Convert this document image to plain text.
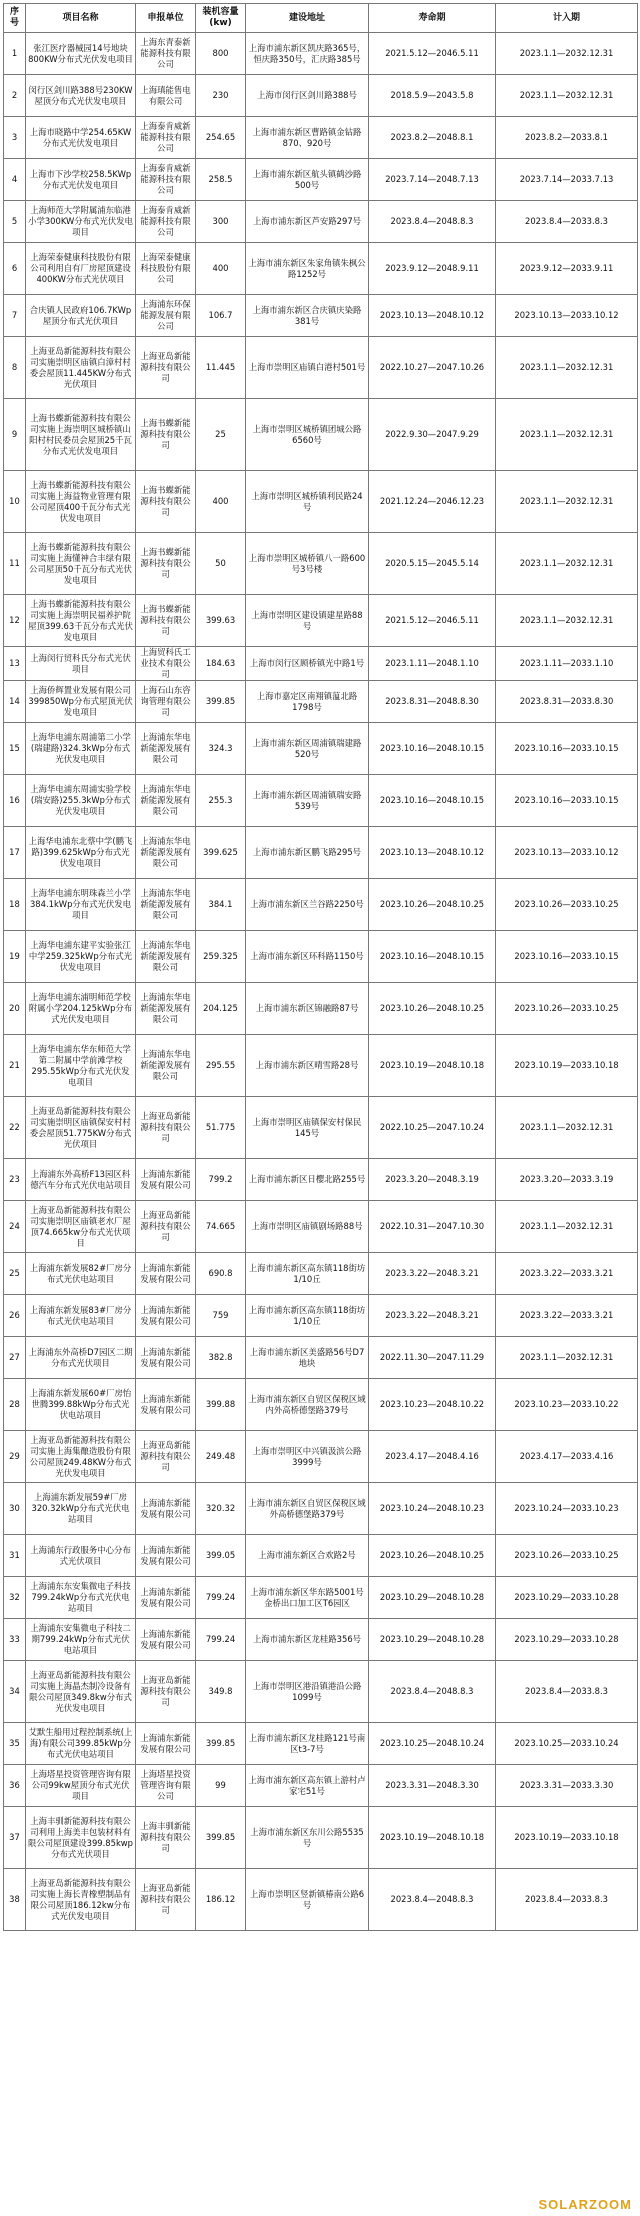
序号	项目名称	申报单位	装机容量(kw)	建设地址	寿命期	计入期
1	张江医疗器械园14号地块800KW分布式光伏发电项目	上海东青泰新能源科技有限公司	800	上海市浦东新区凯庆路365号，恒庆路350号，汇庆路385号	2021.5.12—2046.5.11	2023.1.1—2032.12.31
2	闵行区剑川路388号230KW屋顶分布式光伏发电项目	上海瑱能售电有限公司	230	上海市闵行区剑川路388号	2018.5.9—2043.5.8	2023.1.1—2032.12.31
3	上海市晓路中学254.65KW分布式光伏发电项目	上海泰肯威新能源科技有限公司	254.65	上海市浦东新区曹路镇金钻路870、920号	2023.8.2—2048.8.1	2023.8.2—2033.8.1
4	上海市下沙学校258.5KWp分布式光伏发电项目	上海泰肯威新能源科技有限公司	258.5	上海市浦东新区航头镇鹤沙路500号	2023.7.14—2048.7.13	2023.7.14—2033.7.13
5	上海师范大学附属浦东临港小学300KW分布式光伏发电项目	上海泰肯威新能源科技有限公司	300	上海市浦东新区芦安路297号	2023.8.4—2048.8.3	2023.8.4—2033.8.3
6	上海荣泰健康科技股份有限公司利用自有厂房屋顶建设400KW分布式光伏项目	上海荣泰健康科技股份有限公司	400	上海市浦东新区朱家角镇朱枫公路1252号	2023.9.12—2048.9.11	2023.9.12—2033.9.11
7	合庆镇人民政府106.7KWp屋顶分布式光伏项目	上海浦东环保能源发展有限公司	106.7	上海市浦东新区合庆镇庆染路381号	2023.10.13—2048.10.12	2023.10.13—2033.10.12
8	上海亚岛新能源科技有限公司实施崇明区庙镇白漳村村委会屋顶11.445KW分布式光伏项目	上海亚岛新能源科技有限公司	11.445	上海市崇明区庙镇白港村501号	2022.10.27—2047.10.26	2023.1.1—2032.12.31
9	上海书蝶新能源科技有限公司实施上海崇明区城桥镇山阳村村民委员会屋顶25千瓦分布式光伏发电项目	上海书蝶新能源科技有限公司	25	上海市崇明区城桥镇团城公路6560号	2022.9.30—2047.9.29	2023.1.1—2032.12.31
10	上海书蝶新能源科技有限公司实施上海益物业管理有限公司屋顶400千瓦分布式光伏发电项目	上海书蝶新能源科技有限公司	400	上海市崇明区城桥镇利民路24号	2021.12.24—2046.12.23	2023.1.1—2032.12.31
11	上海书蝶新能源科技有限公司实施上海懂神合丰绿有限公司屋顶50千瓦分布式光伏发电项目	上海书蝶新能源科技有限公司	50	上海市崇明区城桥镇八一路600号3号楼	2020.5.15—2045.5.14	2023.1.1—2032.12.31
12	上海书蝶新能源科技有限公司实施上海崇明民福养护院屋顶399.63千瓦分布式光伏发电项目	上海书蝶新能源科技有限公司	399.63	上海市崇明区建设镇建星路88号	2021.5.12—2046.5.11	2023.1.1—2032.12.31
13	上海闵行贸科氏分布式光伏项目	上海贸科氏工业技术有限公司	184.63	上海市闵行区顾桥镇光中路1号	2023.1.11—2048.1.10	2023.1.11—2033.1.10
14	上海侨辉置业发展有限公司399850Wp分布式屋顶光伏发电项目	上海石山东咨询管理有限公司	399.85	上海市嘉定区南翔镇蕰北路1798号	2023.8.31—2048.8.30	2023.8.31—2033.8.30
15	上海华电浦东周浦第二小学(瑞建路)324.3kWp分布式光伏发电项目	上海浦东华电新能源发展有限公司	324.3	上海市浦东新区周浦镇瑞建路520号	2023.10.16—2048.10.15	2023.10.16—2033.10.15
16	上海华电浦东周浦实验学校(瑞安路)255.3kWp分布式光伏发电项目	上海浦东华电新能源发展有限公司	255.3	上海市浦东新区周浦镇瑞安路539号	2023.10.16—2048.10.15	2023.10.16—2033.10.15
17	上海华电浦东北蔡中学(鹏飞路)399.625kWp分布式光伏发电项目	上海浦东华电新能源发展有限公司	399.625	上海市浦东新区鹏飞路295号	2023.10.13—2048.10.12	2023.10.13—2033.10.12
18	上海华电浦东明珠森兰小学384.1kWp分布式光伏发电项目	上海浦东华电新能源发展有限公司	384.1	上海市浦东新区兰谷路2250号	2023.10.26—2048.10.25	2023.10.26—2033.10.25
19	上海华电浦东建平实验张江中学259.325kWp分布式光伏发电项目	上海浦东华电新能源发展有限公司	259.325	上海市浦东新区环科路1150号	2023.10.16—2048.10.15	2023.10.16—2033.10.15
20	上海华电浦东浦明师范学校附属小学204.125kWp分布式光伏发电项目	上海浦东华电新能源发展有限公司	204.125	上海市浦东新区锦融路87号	2023.10.26—2048.10.25	2023.10.26—2033.10.25
21	上海华电浦东华东师范大学第二附属中学前滩学校295.55kWp分布式光伏发电项目	上海浦东华电新能源发展有限公司	295.55	上海市浦东新区晴雪路28号	2023.10.19—2048.10.18	2023.10.19—2033.10.18
22	上海亚岛新能源科技有限公司实施崇明区庙镇保安村村委会屋顶51.775KW分布式光伏项目	上海亚岛新能源科技有限公司	51.775	上海市崇明区庙镇保安村保民145号	2022.10.25—2047.10.24	2023.1.1—2032.12.31
23	上海浦东外高桥F13园区科德汽车分布式光伏电站项目	上海浦东新能发展有限公司	799.2	上海市浦东新区日樱北路255号	2023.3.20—2048.3.19	2023.3.20—2033.3.19
24	上海亚岛新能源科技有限公司实施崇明区庙镇老水厂屋顶74.665kw分布式光伏项目	上海亚岛新能源科技有限公司	74.665	上海市崇明区庙镇剧场路88号	2022.10.31—2047.10.30	2023.1.1—2032.12.31
25	上海浦东新发展82#厂房分布式光伏电站项目	上海浦东新能发展有限公司	690.8	上海市浦东新区高东镇118街坊1/10丘	2023.3.22—2048.3.21	2023.3.22—2033.3.21
26	上海浦东新发展83#厂房分布式光伏电站项目	上海浦东新能发展有限公司	759	上海市浦东新区高东镇118街坊1/10丘	2023.3.22—2048.3.21	2023.3.22—2033.3.21
27	上海浦东外高桥D7园区二期分布式光伏项目	上海浦东新能发展有限公司	382.8	上海市浦东新区美盛路56号D7地块	2022.11.30—2047.11.29	2023.1.1—2032.12.31
28	上海浦东新发展60#厂房怡世腾399.88kWp分布式光伏电站项目	上海浦东新能发展有限公司	399.88	上海市浦东新区自贸区保税区域内外高桥德堡路379号	2023.10.23—2048.10.22	2023.10.23—2033.10.22
29	上海亚岛新能源科技有限公司实施上海集酿造股份有限公司屋顶249.48KW分布式光伏发电项目	上海亚岛新能源科技有限公司	249.48	上海市崇明区中兴镇汲滨公路3999号	2023.4.17—2048.4.16	2023.4.17—2033.4.16
30	上海浦东新发展59#厂房320.32kWp分布式光伏电站项目	上海浦东新能发展有限公司	320.32	上海市浦东新区自贸区保税区域外高桥德堡路379号	2023.10.24—2048.10.23	2023.10.24—2033.10.23
31	上海浦东行政服务中心分布式光伏项目	上海浦东新能发展有限公司	399.05	上海市浦东新区合欢路2号	2023.10.26—2048.10.25	2023.10.26—2033.10.25
32	上海浦东东安集微电子科技799.24kWp分布式光伏电站项目	上海浦东新能发展有限公司	799.24	上海市浦东新区华东路5001号金桥出口加工区T6园区	2023.10.29—2048.10.28	2023.10.29—2033.10.28
33	上海浦东安集微电子科技二期799.24kWp分布式光伏电站项目	上海浦东新能发展有限公司	799.24	上海市浦东新区龙桂路356号	2023.10.29—2048.10.28	2023.10.29—2033.10.28
34	上海亚岛新能源科技有限公司实施上海晶杰制冷设备有限公司屋顶349.8kw分布式光伏发电项目	上海亚岛新能源科技有限公司	349.8	上海市崇明区港沿镇港沿公路1099号	2023.8.4—2048.8.3	2023.8.4—2033.8.3
35	艾默生船用过程控制系统(上海)有限公司399.85kWp分布式光伏电站项目	上海浦东新能发展有限公司	399.85	上海市浦东新区龙桂路121号南区t3-7号	2023.10.25—2048.10.24	2023.10.25—2033.10.24
36	上海塔星投资管理咨询有限公司99kw屋顶分布式光伏项目	上海塔星投资管理咨询有限公司	99	上海市浦东新区高东镇上游村卢家宅51号	2023.3.31—2048.3.30	2023.3.31—2033.3.30
37	上海丰驯新能源科技有限公司利用上海美丰包装材料有限公司屋顶建设399.85kwp分布式光伏项目	上海丰驯新能源科技有限公司	399.85	上海市浦东新区东川公路5535号	2023.10.19—2048.10.18	2023.10.19—2033.10.18
38	上海亚岛新能源科技有限公司实施上海长青橡塑制品有限公司屋顶186.12kw分布式光伏发电项目	上海亚岛新能源科技有限公司	186.12	上海市崇明区竖新镇椿南公路6号	2023.8.4—2048.8.3	2023.8.4—2033.8.3
SOLARZOOM
